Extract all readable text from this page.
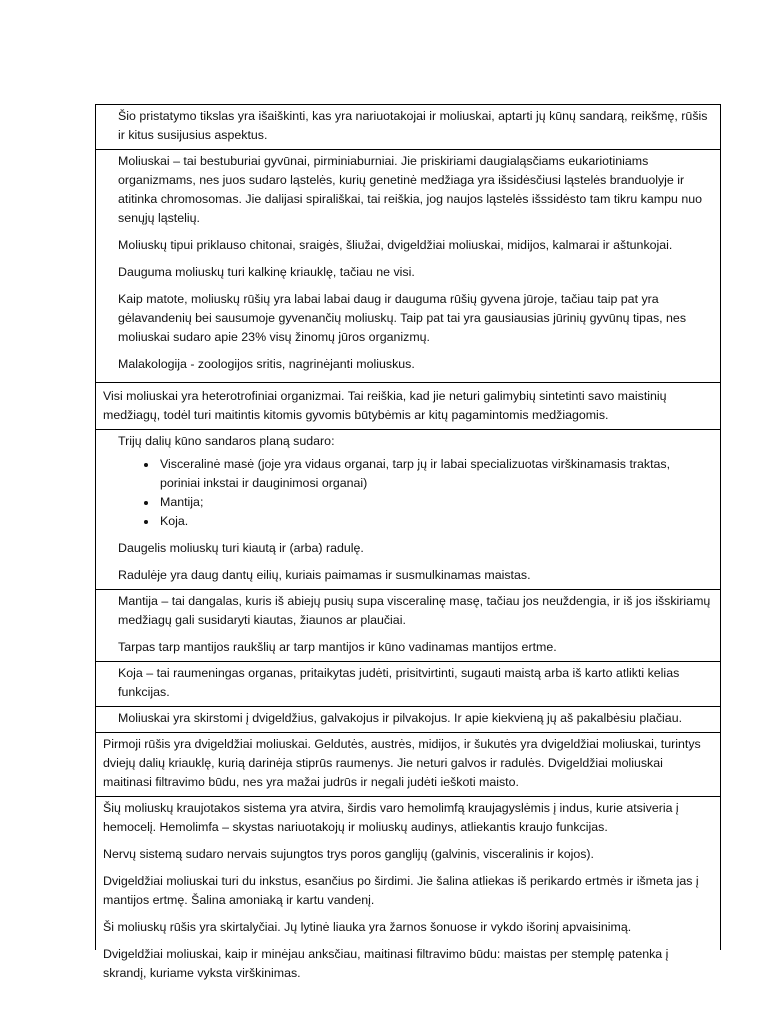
Šio pristatymo tikslas yra išaiškinti, kas yra nariuotakojai ir moliuskai, aptarti jų kūnų sandarą, reikšmę, rūšis ir kitus susijusius aspektus.

Moliuskai – tai bestuburiai gyvūnai, pirminiaburniai. Jie priskiriami daugialąsčiams eukariotiniams organizmams, nes juos sudaro ląstelės, kurių genetinė medžiaga yra išsidėsčiusi ląstelės branduolyje ir atitinka chromosomas. Jie dalijasi spirališkai, tai reiškia, jog naujos ląstelės išssidėsto tam tikru kampu nuo senųjų ląstelių.

Moliuskų tipui priklauso chitonai, sraigės, šliužai, dvigeldžiai moliuskai, midijos, kalmarai ir aštunkojai.

Dauguma moliuskų turi kalkinę kriauklę, tačiau ne visi.

Kaip matote, moliuskų rūšių yra labai labai daug ir dauguma rūšių gyvena jūroje, tačiau taip pat yra gėlavandenių bei sausumoje gyvenančių moliuskų. Taip pat tai yra gausiausias jūrinių gyvūnų tipas, nes moliuskai sudaro apie 23% visų žinomų jūros organizmų.

Malakologija - zoologijos sritis, nagrinėjanti moliuskus.

Visi moliuskai yra heterotrofiniai organizmai. Tai reiškia, kad jie neturi galimybių sintetinti savo maistinių medžiagų, todėl turi maitintis kitomis gyvomis būtybėmis ar kitų pagamintomis medžiagomis.

Trijų dalių kūno sandaros planą sudaro:

• Visceralinė masė (joje yra vidaus organai, tarp jų ir labai specializuotas virškinamasis traktas, poriniai inkstai ir dauginimosi organai)
• Mantija;
• Koja.

Daugelis moliuskų turi kiautą ir (arba) radulę.

Radulėje yra daug dantų eilių, kuriais paimamas ir susmulkinamas maistas.

Mantija – tai dangalas, kuris iš abiejų pusių supa visceralinę masę, tačiau jos neuždengia, ir iš jos išskiriamų medžiagų gali susidaryti kiautas, žiaunos ar plaučiai.

Tarpas tarp mantijos raukšlių ar tarp mantijos ir kūno vadinamas mantijos ertme.

Koja – tai raumeningas organas, pritaikytas judėti, prisitvirtinti, sugauti maistą arba iš karto atlikti kelias funkcijas.

Moliuskai yra skirstomi į dvigeldžius, galvakojus ir pilvakojus. Ir apie kiekvieną jų aš pakalbėsiu plačiau.

Pirmoji rūšis yra dvigeldžiai moliuskai. Geldutės, austrės, midijos, ir šukutės yra dvigeldžiai moliuskai, turintys dviejų dalių kriauklę, kurią darinėja stiprūs raumenys. Jie neturi galvos ir radulės. Dvigeldžiai moliuskai maitinasi filtravimo būdu, nes yra mažai judrūs ir negali judėti ieškoti maisto.

Šių moliuskų kraujotakos sistema yra atvira, širdis varo hemolimfą kraujagyslėmis į indus, kurie atsiveria į hemocelį. Hemolimfa – skystas nariuotakojų ir moliuskų audinys, atliekantis kraujo funkcijas.

Nervų sistemą sudaro nervais sujungtos trys poros ganglijų (galvinis, visceralinis ir kojos).

Dvigeldžiai moliuskai turi du inkstus, esančius po širdimi. Jie šalina atliekas iš perikardo ertmės ir išmeta jas į mantijos ertmę. Šalina amoniaką ir kartu vandenį.

Ši moliuskų rūšis yra skirtalyčiai. Jų lytinė liauka yra žarnos šonuose ir vykdo išorinį apvaisinimą.

Dvigeldžiai moliuskai, kaip ir minėjau anksčiau, maitinasi filtravimo būdu: maistas per stemplę patenka į skrandį, kuriame vyksta virškinimas.
